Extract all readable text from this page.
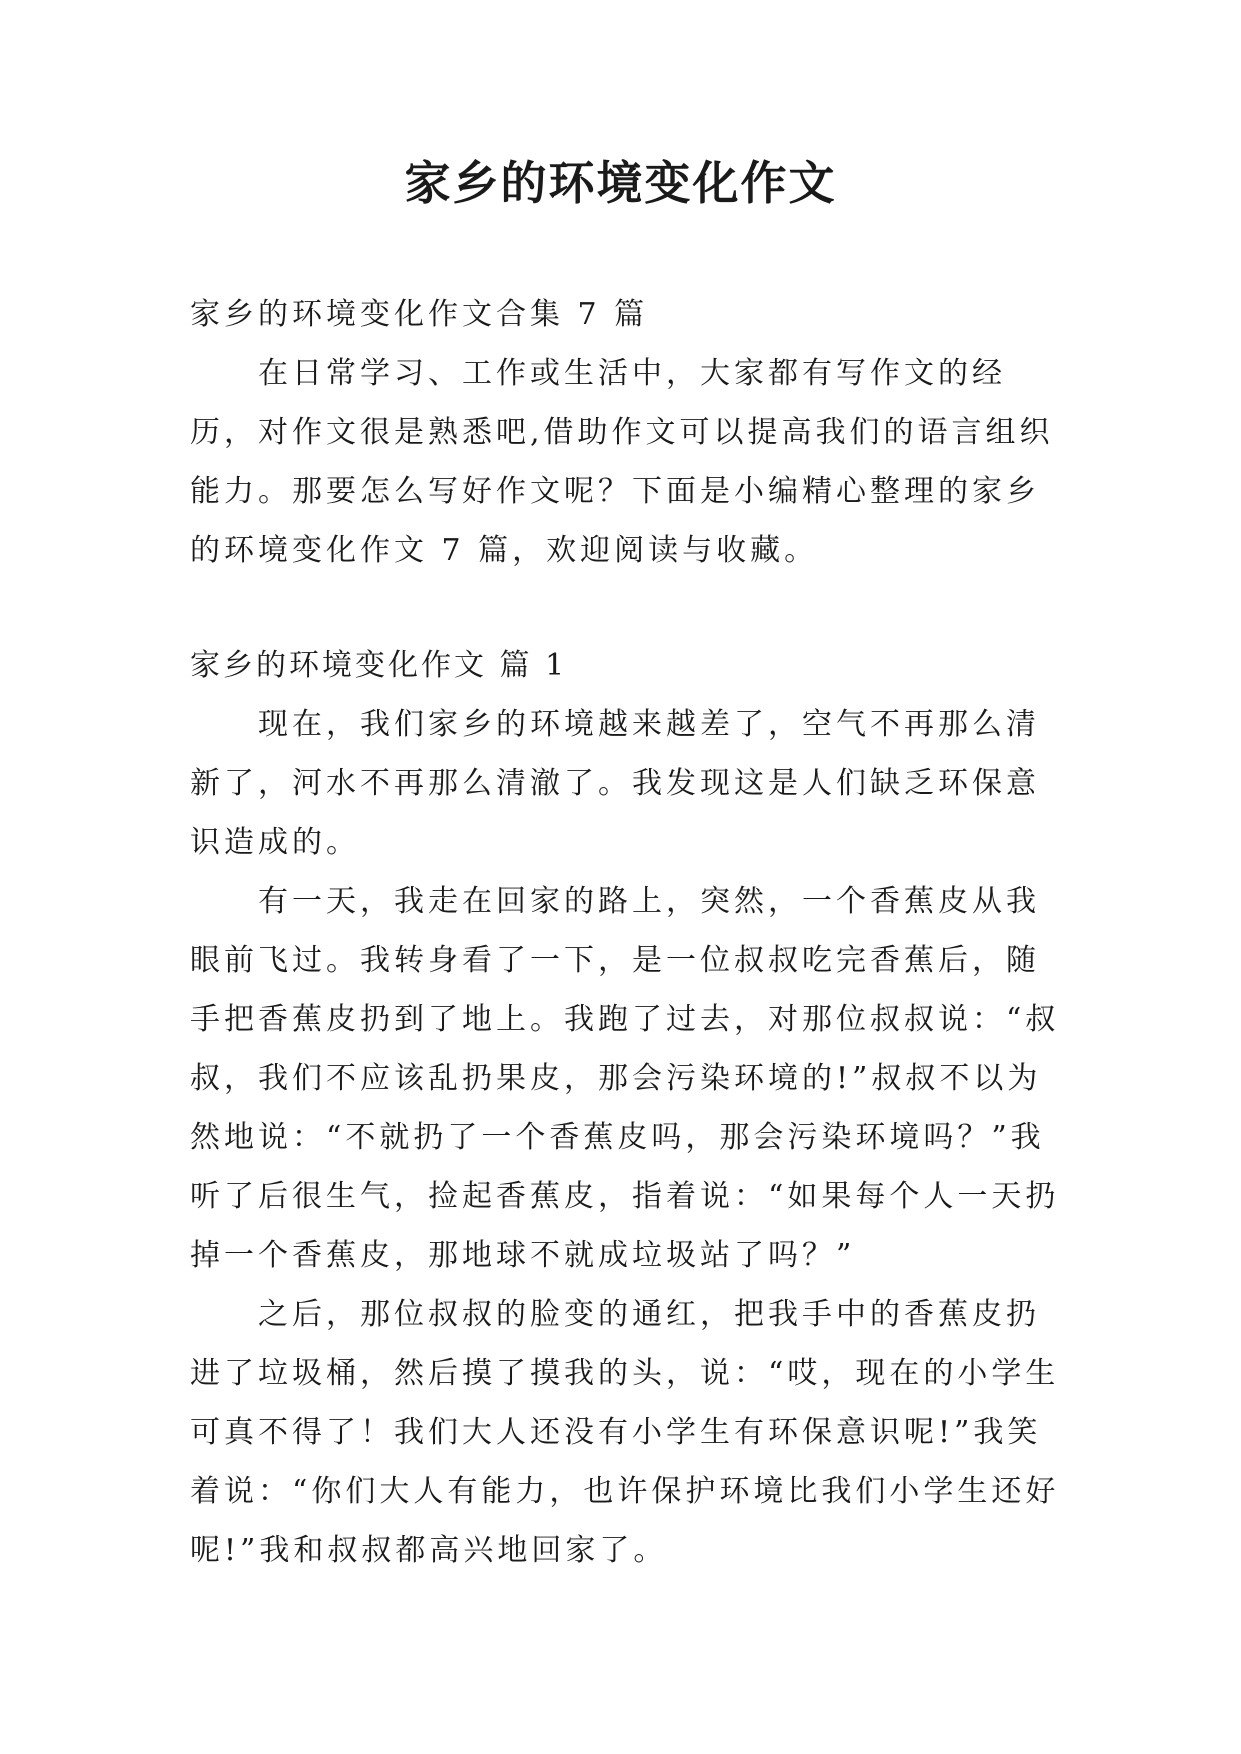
家乡的环境变化作文

家乡的环境变化作文合集 7 篇

在日常学习、工作或生活中，大家都有写作文的经历，对作文很是熟悉吧,借助作文可以提高我们的语言组织能力。那要怎么写好作文呢？下面是小编精心整理的家乡的环境变化作文 7 篇，欢迎阅读与收藏。

家乡的环境变化作文 篇 1

现在，我们家乡的环境越来越差了，空气不再那么清新了，河水不再那么清澈了。我发现这是人们缺乏环保意识造成的。

有一天，我走在回家的路上，突然，一个香蕉皮从我眼前飞过。我转身看了一下，是一位叔叔吃完香蕉后，随手把香蕉皮扔到了地上。我跑了过去，对那位叔叔说：“叔叔，我们不应该乱扔果皮，那会污染环境的!”叔叔不以为然地说：“不就扔了一个香蕉皮吗，那会污染环境吗？”我听了后很生气，捡起香蕉皮，指着说：“如果每个人一天扔掉一个香蕉皮，那地球不就成垃圾站了吗？”

之后，那位叔叔的脸变的通红，把我手中的香蕉皮扔进了垃圾桶，然后摸了摸我的头，说：“哎，现在的小学生可真不得了！我们大人还没有小学生有环保意识呢!”我笑着说：“你们大人有能力，也许保护环境比我们小学生还好呢!”我和叔叔都高兴地回家了。
